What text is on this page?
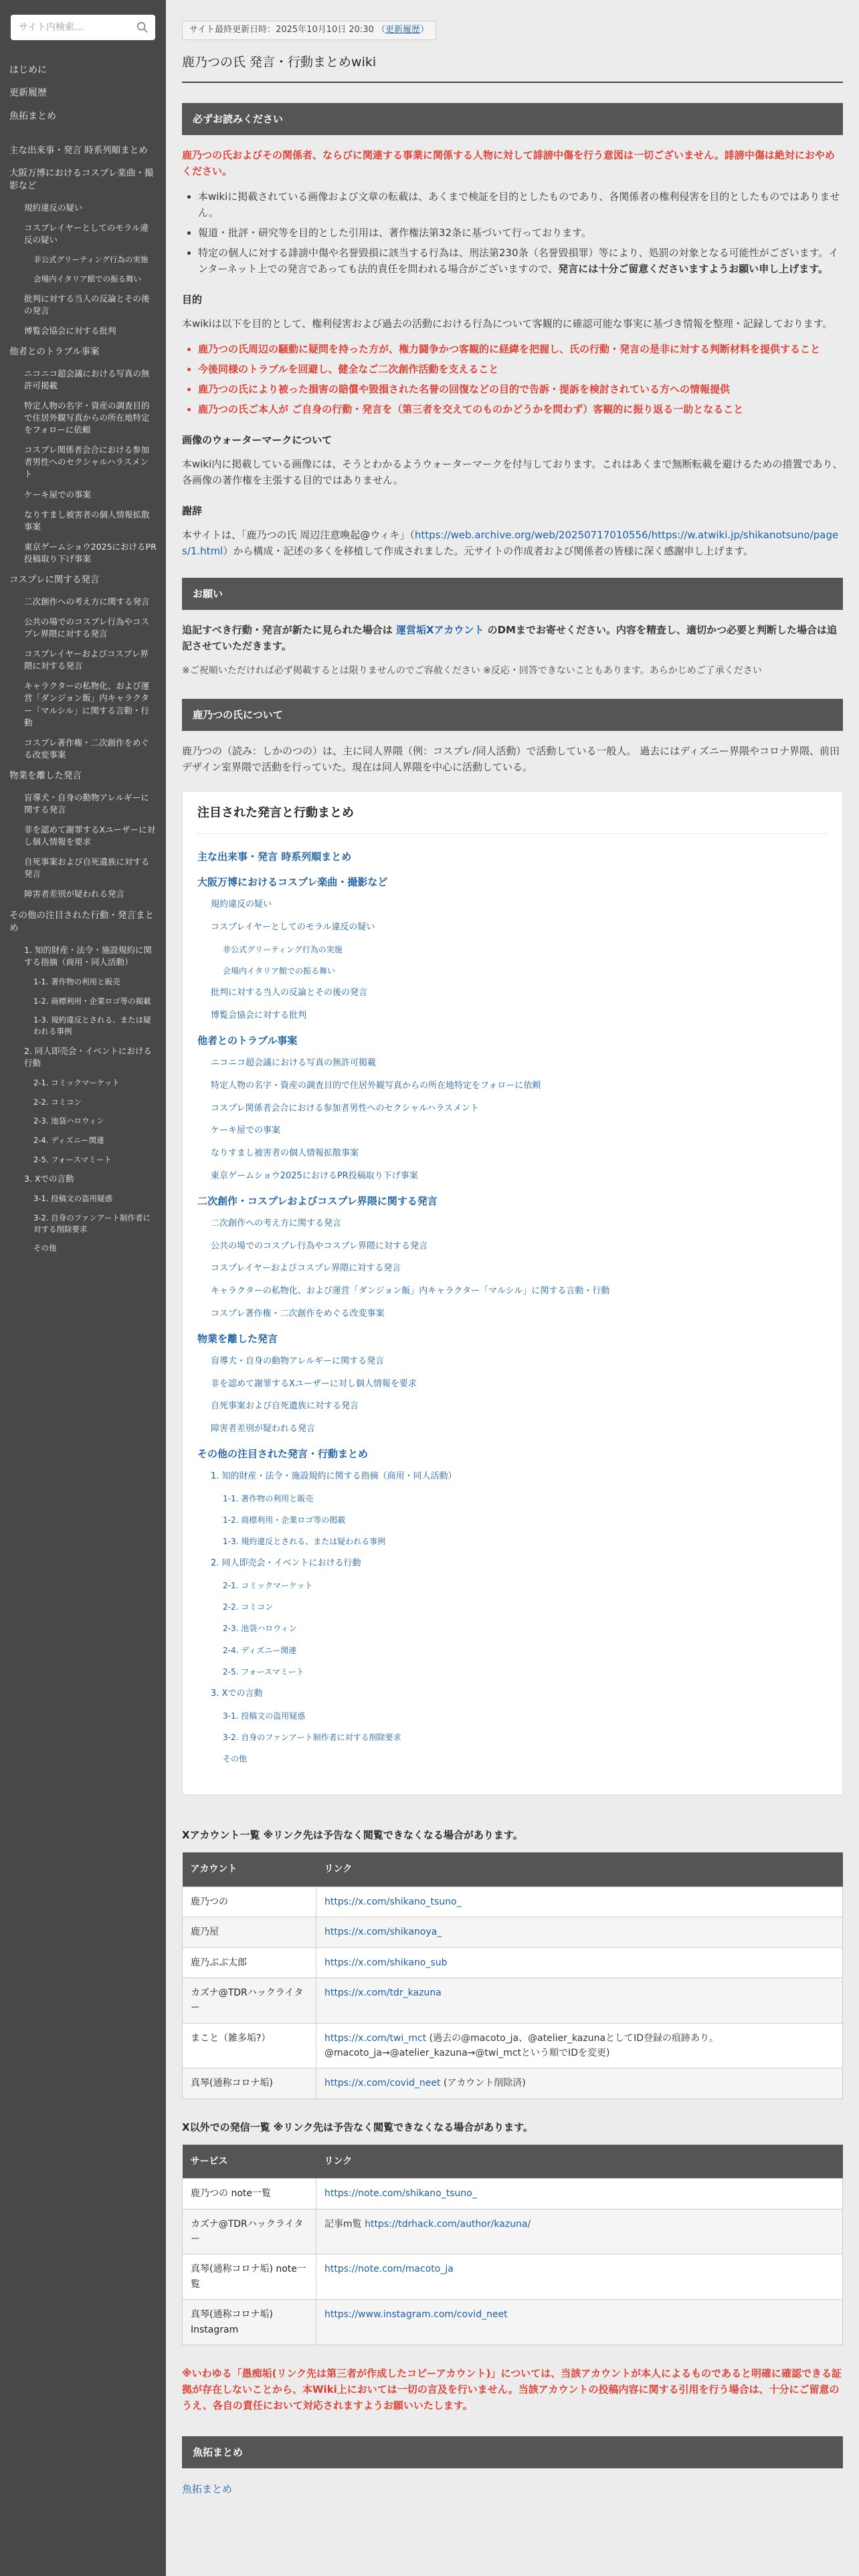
サイト内検索...
はじめに
更新履歴
魚拓まとめ
主な出来事・発言 時系列順まとめ
大阪万博におけるコスプレ楽曲・撮影など
規約違反の疑い
コスプレイヤーとしてのモラル違反の疑い
非公式グリーティング行為の実施
会場内イタリア館での振る舞い
批判に対する当人の反論とその後の発言
博覧会協会に対する批判
他者とのトラブル事案
ニコニコ超会議における写真の無許可掲載
特定人物の名字・資産の調査目的で住居外観写真からの所在地特定をフォローに依頼
コスプレ関係者会合における参加者男性へのセクシャルハラスメント
ケーキ屋での事案
なりすまし被害者の個人情報拡散事案
東京ゲームショウ2025におけるPR投稿取り下げ事案
コスプレに関する発言
二次創作への考え方に関する発言
公共の場でのコスプレ行為やコスプレ界隈に対する発言
コスプレイヤーおよびコスプレ界隈に対する発言
キャラクターの私物化、および運営「ダンジョン飯」内キャラクター「マルシル」に関する言動・行動
コスプレ著作権・二次創作をめぐる改変事案
物業を離した発言
盲導犬・自身の動物アレルギーに関する発言
非を認めて謝罪するXユーザーに対し個人情報を要求
自死事案および自死遺族に対する発言
障害者差別が疑われる発言
その他の注目された行動・発言まとめ
1. 知的財産・法令・施設規約に関する指摘（商用・同人活動）
1-1. 著作物の利用と販売
1-2. 商標利用・企業ロゴ等の掲載
1-3. 規約違反とされる、または疑われる事例
2. 同人即売会・イベントにおける行動
2-1. コミックマーケット
2-2. コミコン
2-3. 池袋ハロウィン
2-4. ディズニー関連
2-5. フォースマミート
3. Xでの言動
3-1. 投稿文の盗用疑惑
3-2. 自身のファンアート制作者に対する削除要求
その他
サイト最終更新日時：2025年10月10日 20:30 （更新履歴）
鹿乃つの氏 発言・行動まとめwiki
必ずお読みください

鹿乃つの氏およびその関係者、ならびに関連する事業に関係する人物に対して誹謗中傷を行う意図は一切ございません。誹謗中傷は絶対におやめください。

• 本wikiに掲載されている画像および文章の転載は、あくまで検証を目的としたものであり、各関係者の権利侵害を目的としたものではありません。
• 報道・批評・研究等を目的とした引用は、著作権法第32条に基づいて行っております。
• 特定の個人に対する誹謗中傷や名誉毀損に該当する行為は、刑法第230条（名誉毀損罪）等により、処罰の対象となる可能性がございます。インターネット上での発言であっても法的責任を問われる場合がございますので、発言には十分ご留意くださいますようお願い申し上げます。
目的

本wikiは以下を目的として、権利侵害および過去の活動における行為について客観的に確認可能な事実に基づき情報を整理・記録しております。

• 鹿乃つの氏周辺の騒動に疑問を持った方が、権力闘争かつ客観的に経緯を把握し、氏の行動・発言の是非に対する判断材料を提供すること
• 今後同様のトラブルを回避し、健全なご二次創作活動を支えること
• 鹿乃つの氏により被った損害の賠償や毀損された名誉の回復などの目的で告訴・提訴を検討されている方への情報提供
• 鹿乃つの氏ご本人が ご自身の行動・発言を（第三者を交えてのものかどうかを問わず）客観的に振り返る一助となること
画像のウォーターマークについて

本wiki内に掲載している画像には、そうとわかるようウォーターマークを付与しております。これはあくまで無断転載を避けるための措置であり、各画像の著作権を主張する目的ではありません。

謝辞

本サイトは、「鹿乃つの氏 周辺注意喚起@ウィキ」（https://web.archive.org/web/20250717010556/https://w.atwiki.jp/shikanotsuno/pages/1.html）から構成・記述の多くを移植して作成されました。元サイトの作成者および関係者の皆様に深く感謝申し上げます。

お願い

追記すべき行動・発言が新たに見られた場合は 運営垢Xアカウント のDMまでお寄せください。内容を精査し、適切かつ必要と判断した場合は追記させていただきます。

※ご祝順いただければ必ず掲載するとは限りませんのでご容赦ください ※反応・回答できないこともあります。あらかじめご了承ください

鹿乃つの氏について

鹿乃つの（読み：しかのつの）は、主に同人界隈（例：コスプレ/同人活動）で活動している一般人。 過去にはディズニー界隈やコロナ界隈、前田デザイン室界隈で活動を行っていた。現在は同人界隈を中心に活動している。

注目された発言と行動まとめ
主な出来事・発言 時系列順まとめ
大阪万博におけるコスプレ楽曲・撮影など
規約違反の疑い
コスプレイヤーとしてのモラル違反の疑い
非公式グリーティング行為の実施
会場内イタリア館での振る舞い
批判に対する当人の反論とその後の発言
博覧会協会に対する批判
他者とのトラブル事案
ニコニコ超会議における写真の無許可掲載
特定人物の名字・資産の調査目的で住居外観写真からの所在地特定をフォローに依頼
コスプレ関係者会合における参加者男性へのセクシャルハラスメント
ケーキ屋での事案
なりすまし被害者の個人情報拡散事案
東京ゲームショウ2025におけるPR投稿取り下げ事案
二次創作・コスプレおよびコスプレ界隈に関する発言
二次創作への考え方に関する発言
公共の場でのコスプレ行為やコスプレ界隈に対する発言
コスプレイヤーおよびコスプレ界隈に対する発言
キャラクターの私物化、および運営「ダンジョン飯」内キャラクター「マルシル」に関する言動・行動
コスプレ著作権・二次創作をめぐる改変事案
物業を離した発言
盲導犬・自身の動物アレルギーに関する発言
非を認めて謝罪するXユーザーに対し個人情報を要求
自死事案および自死遺族に対する発言
障害者差別が疑われる発言
その他の注目された発言・行動まとめ
1. 知的財産・法令・施設規約に関する指摘（商用・同人活動）
1-1. 著作物の利用と販売
1-2. 商標利用・企業ロゴ等の掲載
1-3. 規約違反とされる、または疑われる事例
2. 同人即売会・イベントにおける行動
2-1. コミックマーケット
2-2. コミコン
2-3. 池袋ハロウィン
2-4. ディズニー関連
2-5. フォースマミート
3. Xでの言動
3-1. 投稿文の盗用疑惑
3-2. 自身のファンアート制作者に対する削除要求
その他
Xアカウント一覧 ※リンク先は予告なく閲覧できなくなる場合があります。
アカウント	リンク
鹿乃つの	https://x.com/shikano_tsuno_
鹿乃屋	https://x.com/shikanoya_
鹿乃ぶぶ太郎	https://x.com/shikano_sub
カズナ@TDRハックライター	https://x.com/tdr_kazuna
まこと（雑多垢?）	https://x.com/twi_mct (過去の@macoto_ja、@atelier_kazunaとしてID登録の痕跡あり。@macoto_ja→@atelier_kazuna→@twi_mctという順でIDを変更)
真琴(通称コロナ垢)	https://x.com/covid_neet (アカウント削除済)
X以外での発信一覧 ※リンク先は予告なく閲覧できなくなる場合があります。
サービス	リンク
鹿乃つの note一覧	https://note.com/shikano_tsuno_
カズナ@TDRハックライター	記事m覧 https://tdrhack.com/author/kazuna/
真琴(通称コロナ垢) note一覧	https://note.com/macoto_ja
真琴(通称コロナ垢) Instagram	https://www.instagram.com/covid_neet

※いわゆる「愚痴垢(リンク先は第三者が作成したコピーアカウント)」については、当該アカウントが本人によるものであると明確に確認できる証拠が存在しないことから、本Wiki上においては一切の言及を行いません。当該アカウントの投稿内容に関する引用を行う場合は、十分にご留意のうえ、各自の責任において対応されますようお願いいたします。

魚拓まとめ
魚拓まとめ
